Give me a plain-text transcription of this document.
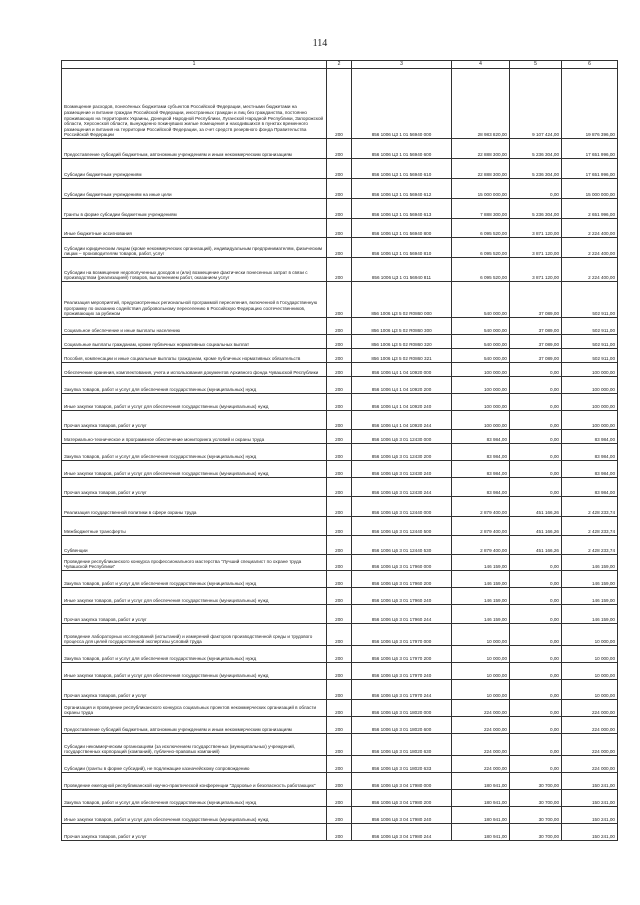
114
1	2	3	4	5	6
Возмещение расходов, понесённых бюджетами субъектов Российской Федерации, местными бюджетами на размещение и питание граждан Российской Федерации, иностранных граждан и лиц без гражданства, постоянно проживающих на территориях Украины, Донецкой Народной Республики, Луганской Народной Республики, Запорожской области, Херсонской области, вынужденно покинувших жилые помещения и находившихся в пунктах временного размещения и питания на территории Российской Федерации, за счет средств резервного фонда Правительства Российской Федерации	200	856 1006 Ц3 1 01 56940 000	28 983 820,00	9 107 424,00	19 876 396,00
Предоставление субсидий бюджетным, автономным учреждениям и иным некоммерческим организациям	200	856 1006 Ц3 1 01 56940 600	22 888 300,00	5 236 304,00	17 651 996,00
Субсидии бюджетным учреждениям	200	856 1006 Ц3 1 01 56940 610	22 888 300,00	5 236 304,00	17 651 996,00
Субсидии бюджетным учреждениям на иные цели	200	856 1006 Ц3 1 01 56940 612	15 000 000,00	0,00	15 000 000,00
Гранты в форме субсидии бюджетным учреждениям	200	856 1006 Ц3 1 01 56940 613	7 888 300,00	5 236 304,00	2 651 996,00
Иные бюджетные ассигнования	200	856 1006 Ц3 1 01 56940 800	6 095 520,00	3 871 120,00	2 224 400,00
Субсидии юридическим лицам (кроме некоммерческих организаций), индивидуальным предпринимателям, физическим лицам – производителям товаров, работ, услуг	200	856 1006 Ц3 1 01 56940 810	6 095 520,00	3 871 120,00	2 224 400,00
Субсидии на возмещение недополученных доходов и (или) возмещение фактически понесенных затрат в связи с производством (реализацией) товаров, выполнением работ, оказанием услуг	200	856 1006 Ц3 1 01 56940 811	6 095 520,00	3 871 120,00	2 224 400,00
Реализация мероприятий, предусмотренных региональной программой переселения, включенной в Государственную программу по оказанию содействия добровольному переселению в Российскую Федерацию соотечественников, проживающих за рубежом	200	856 1006 Ц3 5 02 R0860 000	540 000,00	37 089,00	502 911,00
Социальное обеспечение и иные выплаты населению	200	856 1006 Ц3 5 02 R0860 300	540 000,00	37 089,00	502 911,00
Социальные выплаты гражданам, кроме публичных нормативных социальных выплат	200	856 1006 Ц3 5 02 R0860 320	540 000,00	37 089,00	502 911,00
Пособия, компенсации и иные социальные выплаты гражданам, кроме публичных нормативных обязательств	200	856 1006 Ц3 5 02 R0860 321	540 000,00	37 089,00	502 911,00
Обеспечение хранения, комплектования, учета и использования документов Архивного фонда Чувашской Республики	200	856 1006 Ц4 1 04 10920 000	100 000,00	0,00	100 000,00
Закупка товаров, работ и услуг для обеспечения государственных (муниципальных) нужд	200	856 1006 Ц4 1 04 10920 200	100 000,00	0,00	100 000,00
Иные закупки товаров, работ и услуг для обеспечения государственных (муниципальных) нужд	200	856 1006 Ц4 1 04 10920 240	100 000,00	0,00	100 000,00
Прочая закупка товаров, работ и услуг	200	856 1006 Ц4 1 04 10920 244	100 000,00	0,00	100 000,00
Материально-техническое и программное обеспечение мониторинга условий и охраны труда	200	856 1006 Ц6 3 01 12430 000	83 984,00	0,00	83 984,00
Закупка товаров, работ и услуг для обеспечения государственных (муниципальных) нужд	200	856 1006 Ц6 3 01 12430 200	83 984,00	0,00	83 984,00
Иные закупки товаров, работ и услуг для обеспечения государственных (муниципальных) нужд	200	856 1006 Ц6 3 01 12430 240	83 984,00	0,00	83 984,00
Прочая закупка товаров, работ и услуг	200	856 1006 Ц6 3 01 12430 244	83 984,00	0,00	83 984,00
Реализация государственной политики в сфере охраны труда	200	856 1006 Ц6 3 01 12440 000	2 879 400,00	451 166,26	2 428 233,74
Межбюджетные трансферты	200	856 1006 Ц6 3 01 12440 500	2 879 400,00	451 166,26	2 428 233,74
Субвенции	200	856 1006 Ц6 3 01 12440 530	2 879 400,00	451 166,26	2 428 233,74
Проведение республиканского конкурса профессионального мастерства "Лучший специалист по охране труда Чувашской Республики"	200	856 1006 Ц6 3 01 17960 000	146 159,00	0,00	146 159,00
Закупка товаров, работ и услуг для обеспечения государственных (муниципальных) нужд	200	856 1006 Ц6 3 01 17960 200	146 159,00	0,00	146 159,00
Иные закупки товаров, работ и услуг для обеспечения государственных (муниципальных) нужд	200	856 1006 Ц6 3 01 17960 240	146 159,00	0,00	146 159,00
Прочая закупка товаров, работ и услуг	200	856 1006 Ц6 3 01 17960 244	146 159,00	0,00	146 159,00
Проведение лабораторных исследований (испытаний) и измерений факторов производственной среды и трудового процесса для целей государственной экспертизы условий труда	200	856 1006 Ц6 3 01 17970 000	10 000,00	0,00	10 000,00
Закупка товаров, работ и услуг для обеспечения государственных (муниципальных) нужд	200	856 1006 Ц6 3 01 17970 200	10 000,00	0,00	10 000,00
Иные закупки товаров, работ и услуг для обеспечения государственных (муниципальных) нужд	200	856 1006 Ц6 3 01 17970 240	10 000,00	0,00	10 000,00
Прочая закупка товаров, работ и услуг	200	856 1006 Ц6 3 01 17970 244	10 000,00	0,00	10 000,00
Организация и проведение республиканского конкурса социальных проектов некоммерческих организаций в области охраны труда	200	856 1006 Ц6 3 01 18020 000	224 000,00	0,00	224 000,00
Предоставление субсидий бюджетным, автономным учреждениям и иным некоммерческим организациям	200	856 1006 Ц6 3 01 18020 600	224 000,00	0,00	224 000,00
Субсидии некоммерческим организациям (за исключением государственных (муниципальных) учреждений, государственных корпораций (компаний), публично-правовых компаний)	200	856 1006 Ц6 3 01 18020 630	224 000,00	0,00	224 000,00
Субсидии (гранты в форме субсидий), не подлежащие казначейскому сопровождению	200	856 1006 Ц6 3 01 18020 633	224 000,00	0,00	224 000,00
Проведение ежегодной республиканской научно-практической конференции "Здоровье и безопасность работающих"	200	856 1006 Ц6 3 04 17980 000	180 941,00	30 700,00	150 241,00
Закупка товаров, работ и услуг для обеспечения государственных (муниципальных) нужд	200	856 1006 Ц6 3 04 17980 200	180 941,00	30 700,00	150 241,00
Иные закупки товаров, работ и услуг для обеспечения государственных (муниципальных) нужд	200	856 1006 Ц6 3 04 17980 240	180 941,00	30 700,00	150 241,00
Прочая закупка товаров, работ и услуг	200	856 1006 Ц6 3 04 17980 244	180 941,00	30 700,00	150 241,00
